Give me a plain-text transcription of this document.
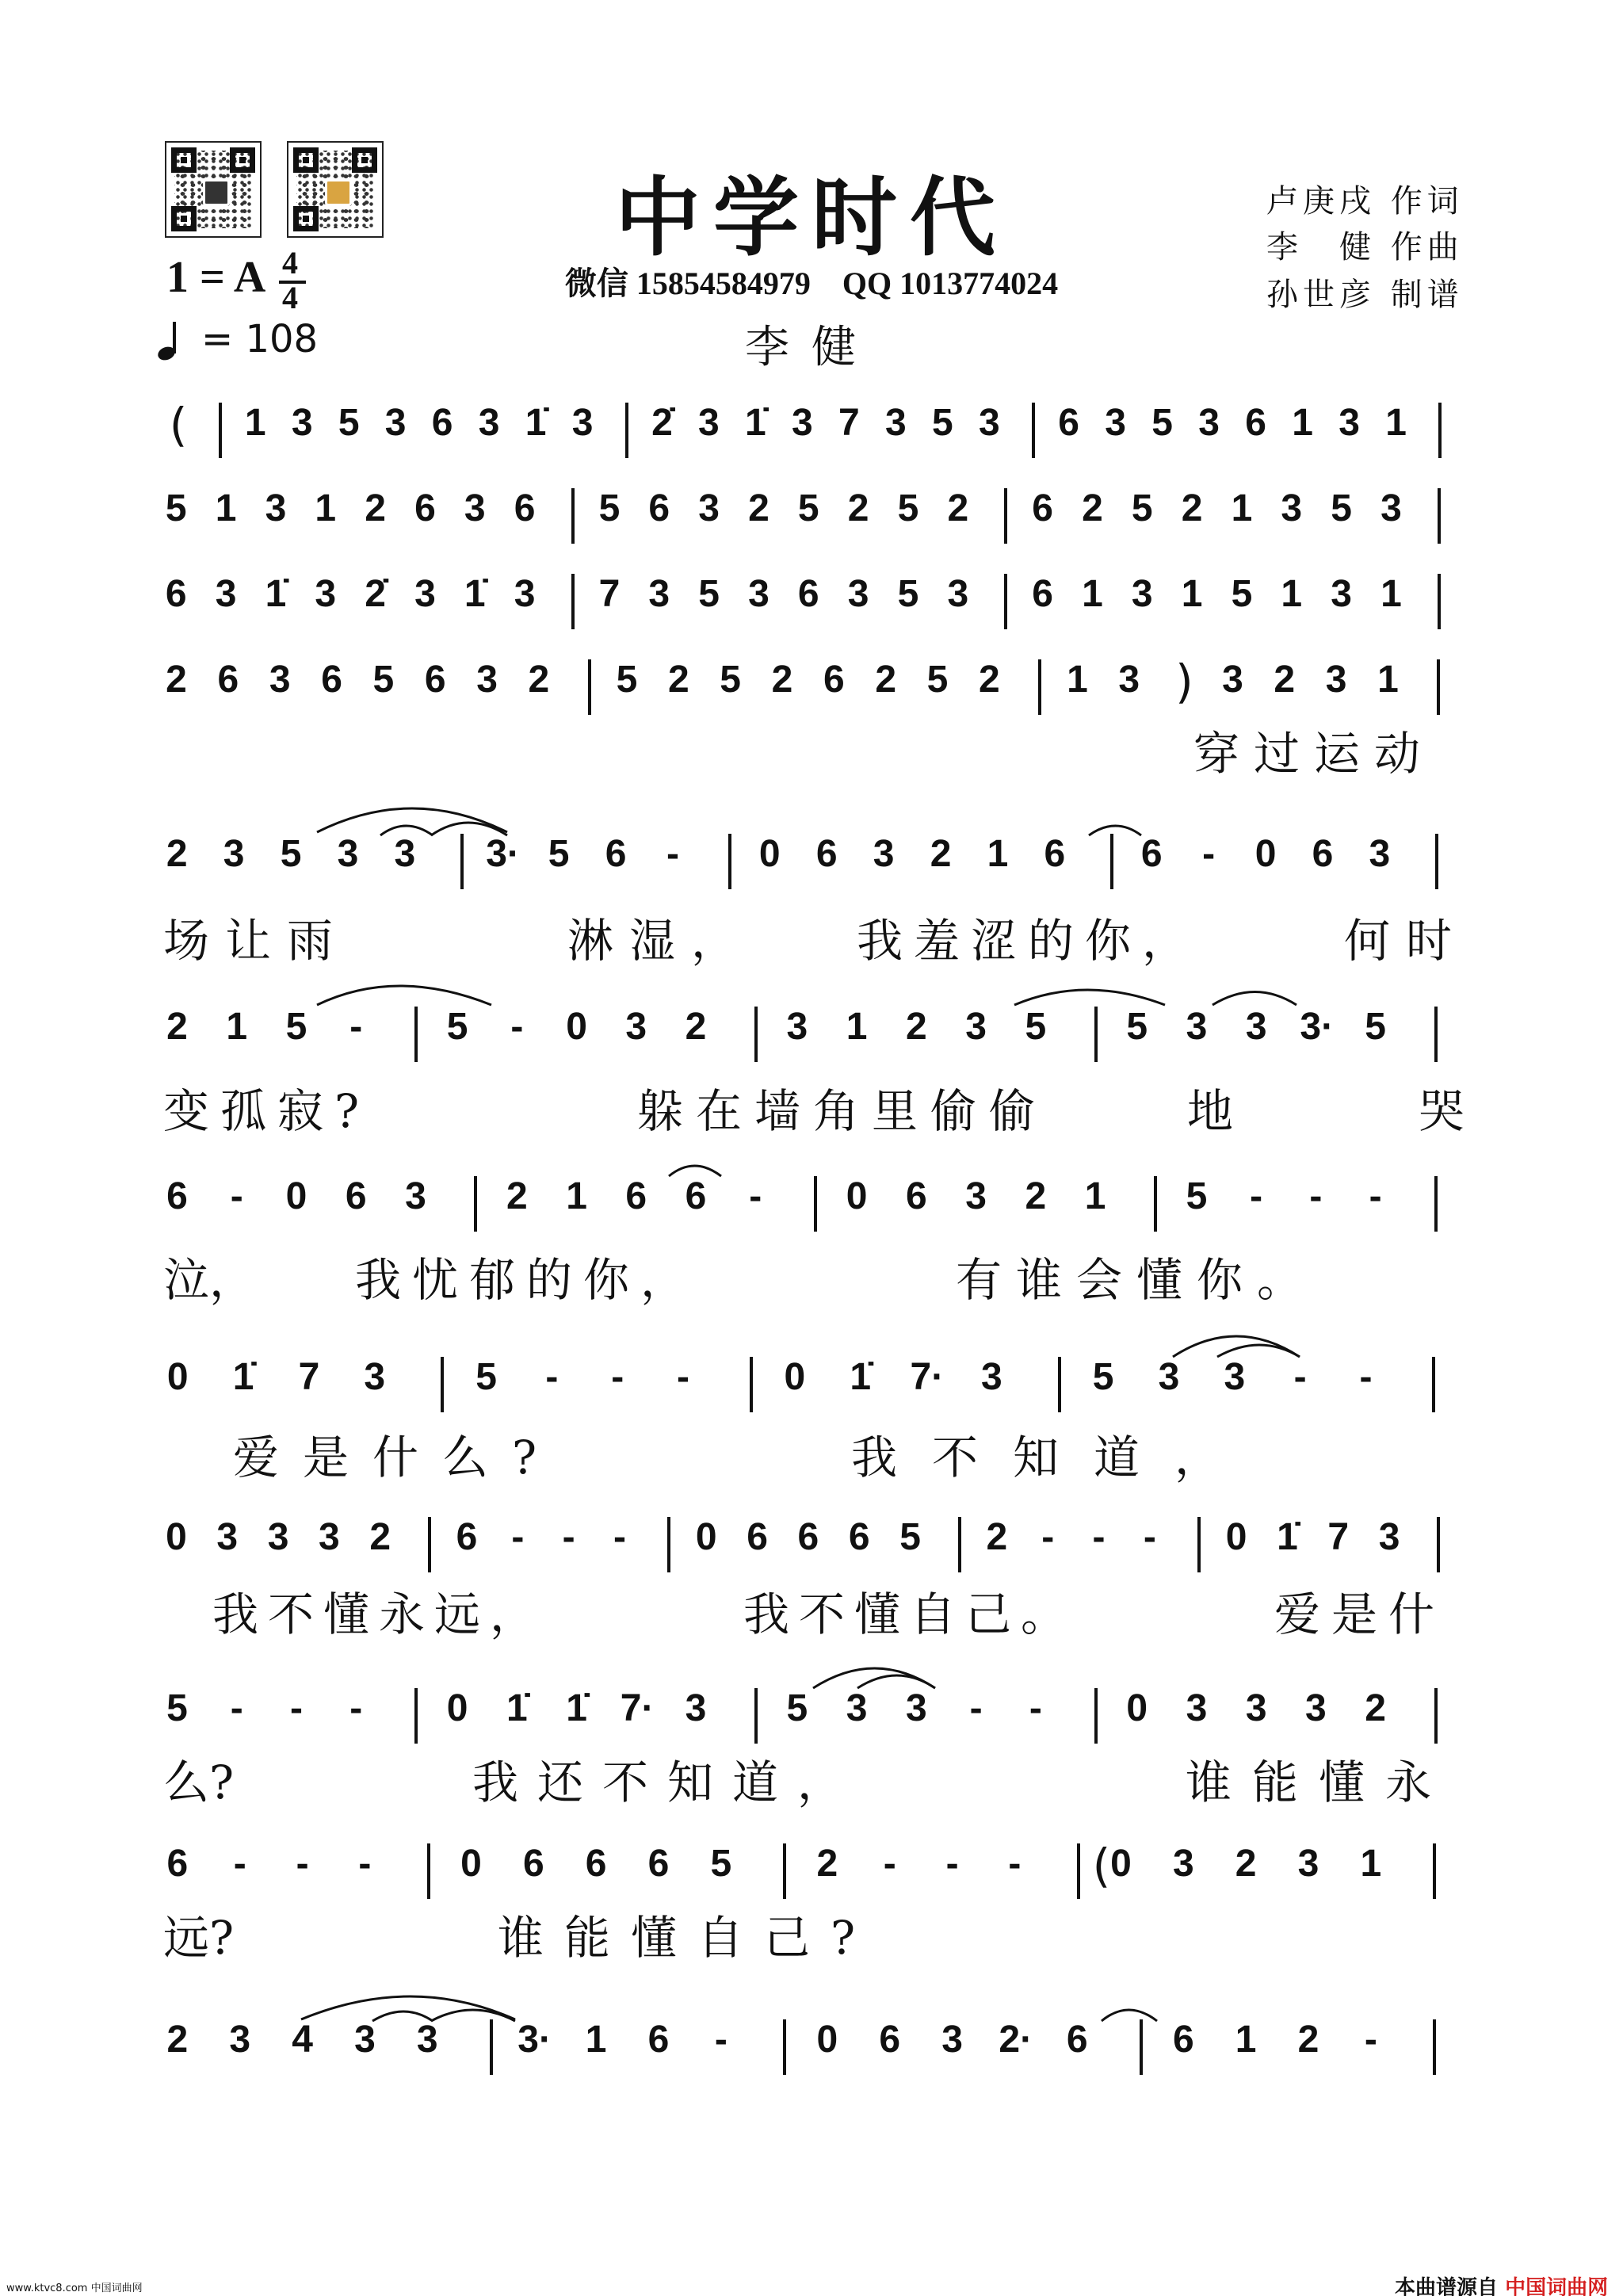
中学时代	卢庚戌 作词
李　健 作曲
孙世彦 制谱
1 = A 4
4	微信 15854584979　QQ 1013774024
= 108	李健
( 1 3 5 3 6 3 1̇ 3 2̇ 3 1̇ 3 7 3 5 3 6 3 5 3 6 1 3 1
5 1 3 1 2 6 3 6 5 6 3 2 5 2 5 2 6 2 5 2 1 3 5 3
6 3 1̇ 3 2̇ 3 1̇ 3 7 3 5 3 6 3 5 3 6 1 3 1 5 1 3 1
2 6 3 6 5 6 3 2 5 2 5 2 6 2 5 2 1 3 ) 3 2 3 1
穿过运动
2 3 5 3 3 3· 5 6 - 0 6 3 2 1 6 6 - 0 6 3
场让雨	淋湿， 我羞涩的你，	何时
2 1 5 - 5 - 0 3 2 3 1 2 3 5 5 3 3 3· 5
变孤寂?	躲在墙角里偷偷	地	哭
6 - 0 6 3 2 1 6 6 - 0 6 3 2 1 5 - - -
泣， 我忧郁的你，	有谁会懂你。
0 1̇ 7 3 5 - - - 0 1̇ 7· 3 5 3 3 - -
爱是什么?	我不知道，
0 3 3 3 2 6 - - - 0 6 6 6 5 2 - - - 0 1̇ 7 3
我不懂永远，	我不懂自己。	爱是什
5 - - - 0 1̇ 1̇ 7· 3 5 3 3 - - 0 3 3 3 2
么?	我还不知道，	谁能懂永
6 - - - 0 6 6 6 5 2 - - - ( 0 3 2 3 1
远?	谁能懂自己?
2 3 4 3 3 3· 1 6 - 0 6 3 2· 6 6 1 2 -
www.ktvc8.com 中国词曲网	本曲谱源自 中国词曲网
